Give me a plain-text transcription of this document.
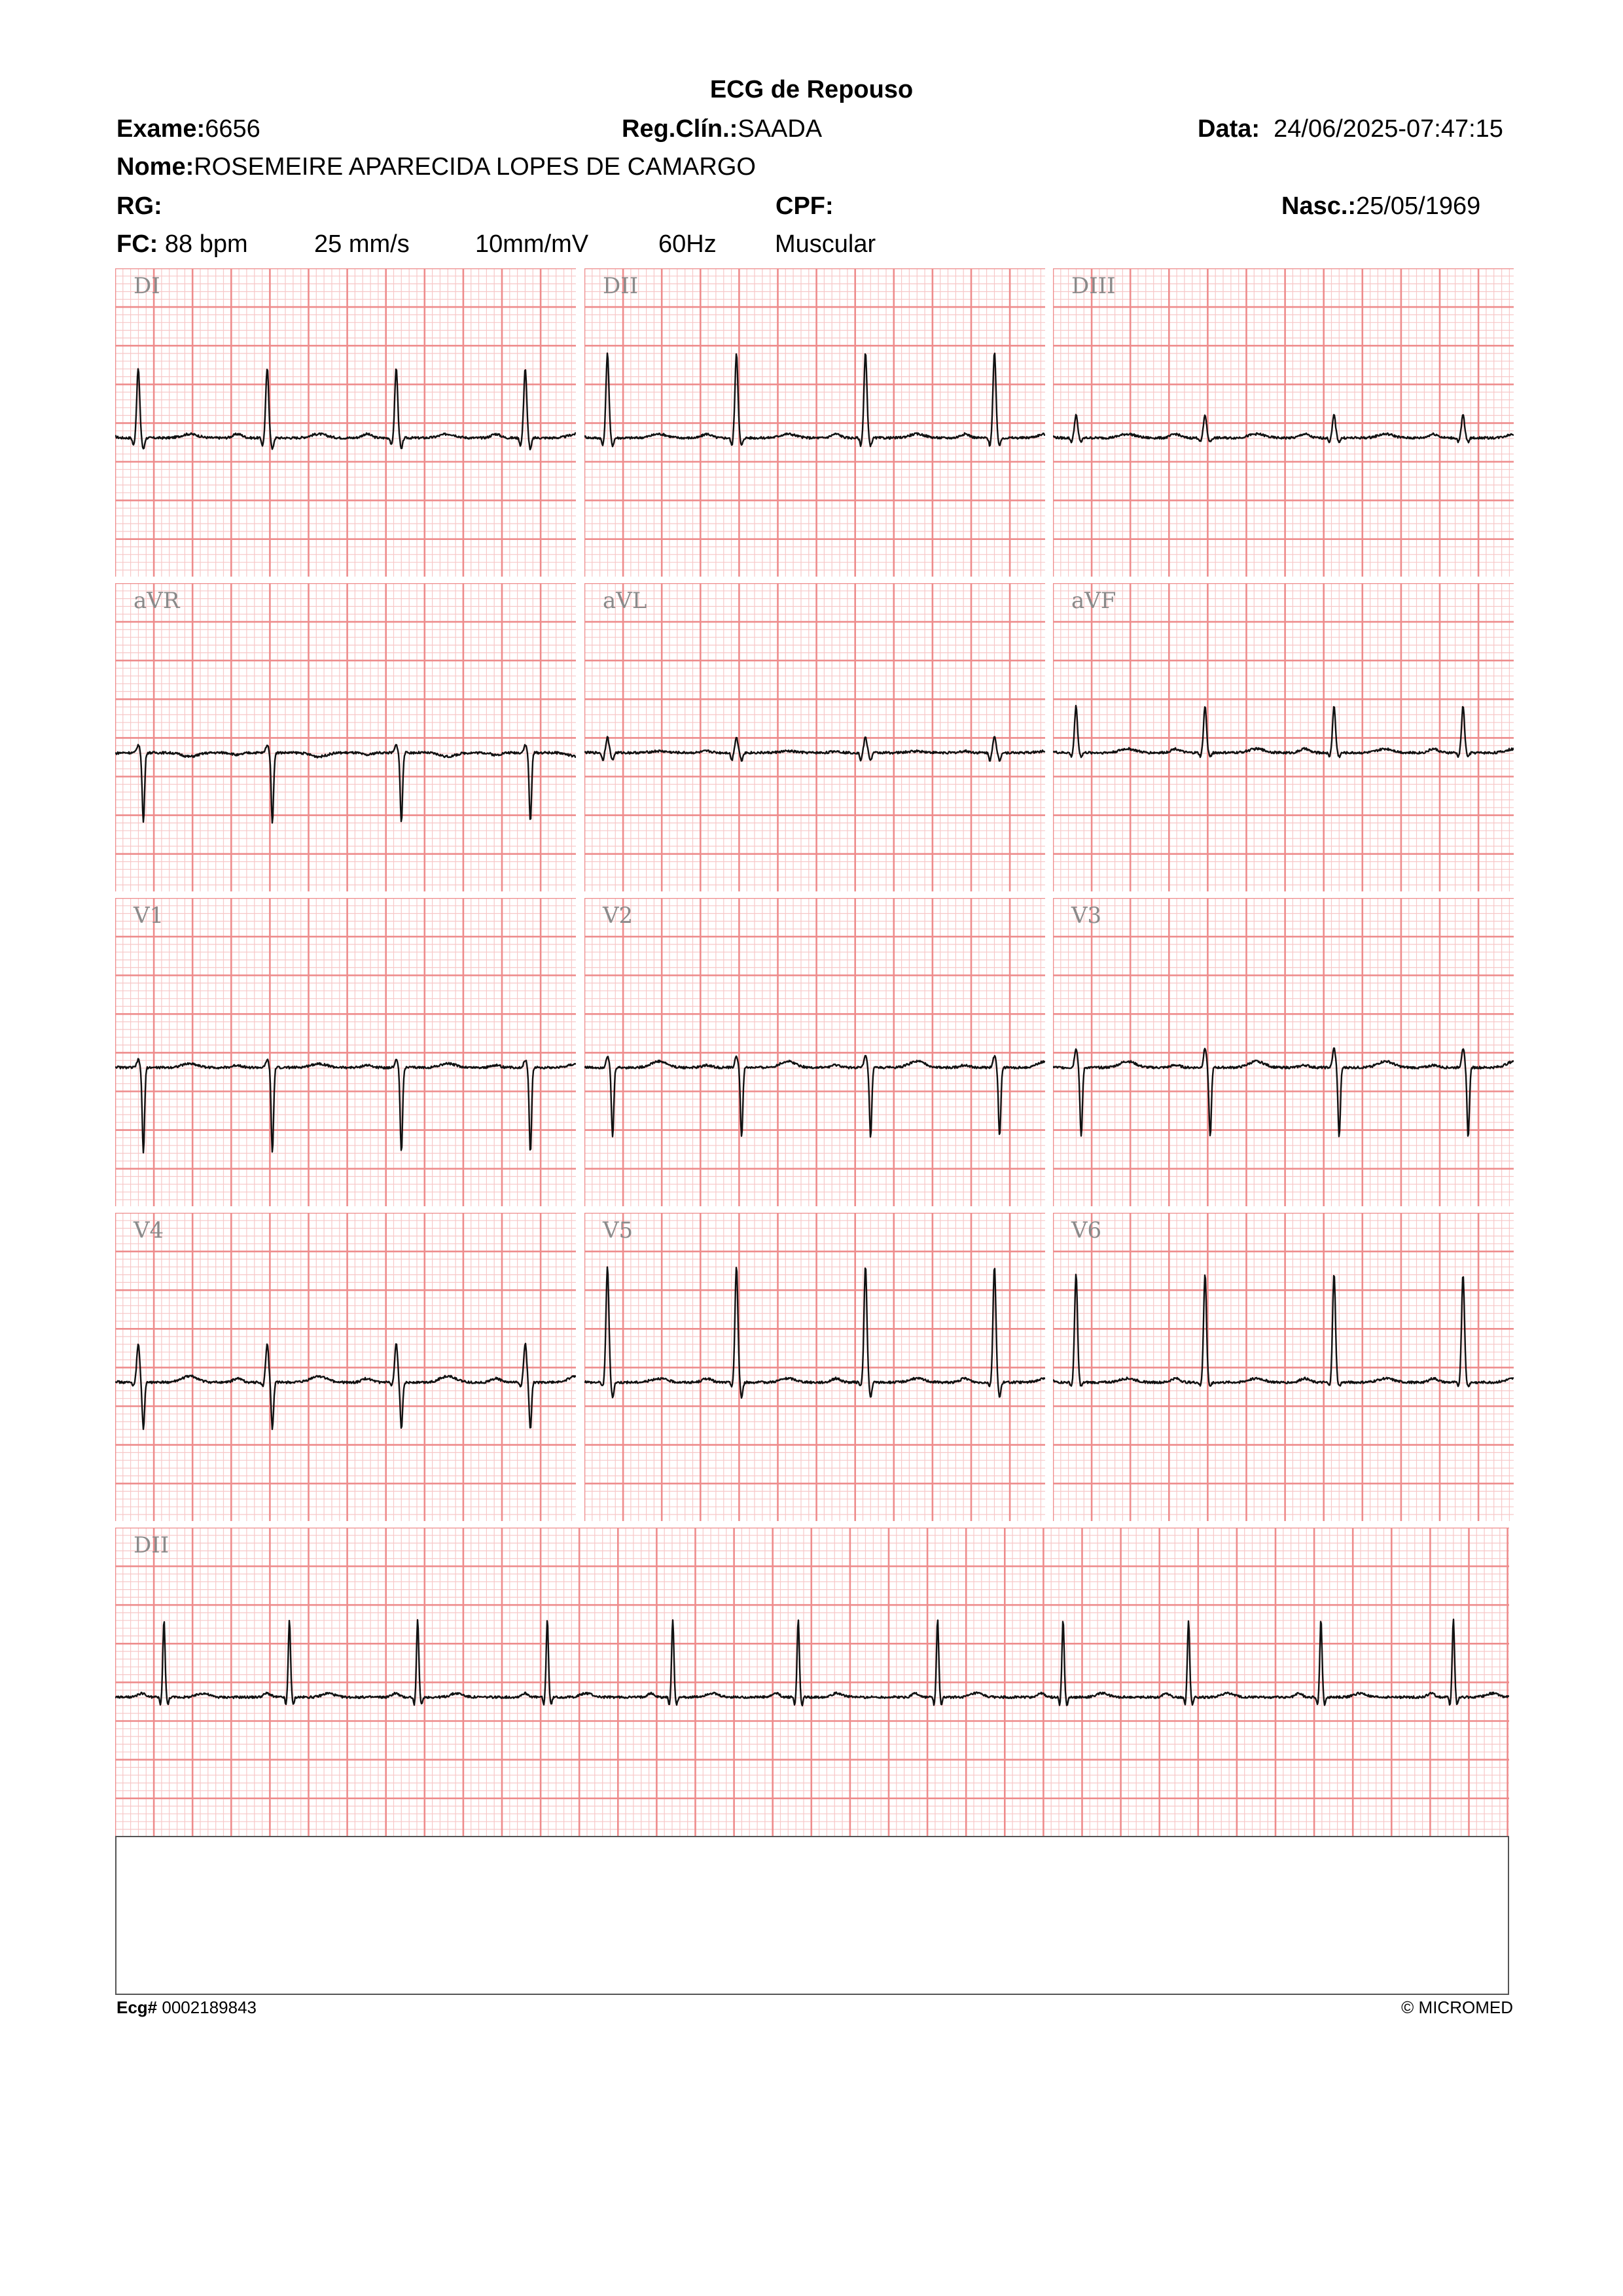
ECG de Repouso
Exame:6656	Reg.Clín.:SAADA	Data: 24/06/2025-07:47:15
Nome:ROSEMEIRE APARECIDA LOPES DE CAMARGO
RG:	CPF:	Nasc.:25/05/1969
FC: 88 bpm	25 mm/s	10mm/mV	60Hz Muscular
DI	DII	DIII
aVR	aVL	aVF
V1	V2	V3
V4	V5	V6
DII
Ecg# 0002189843	© MICROMED
